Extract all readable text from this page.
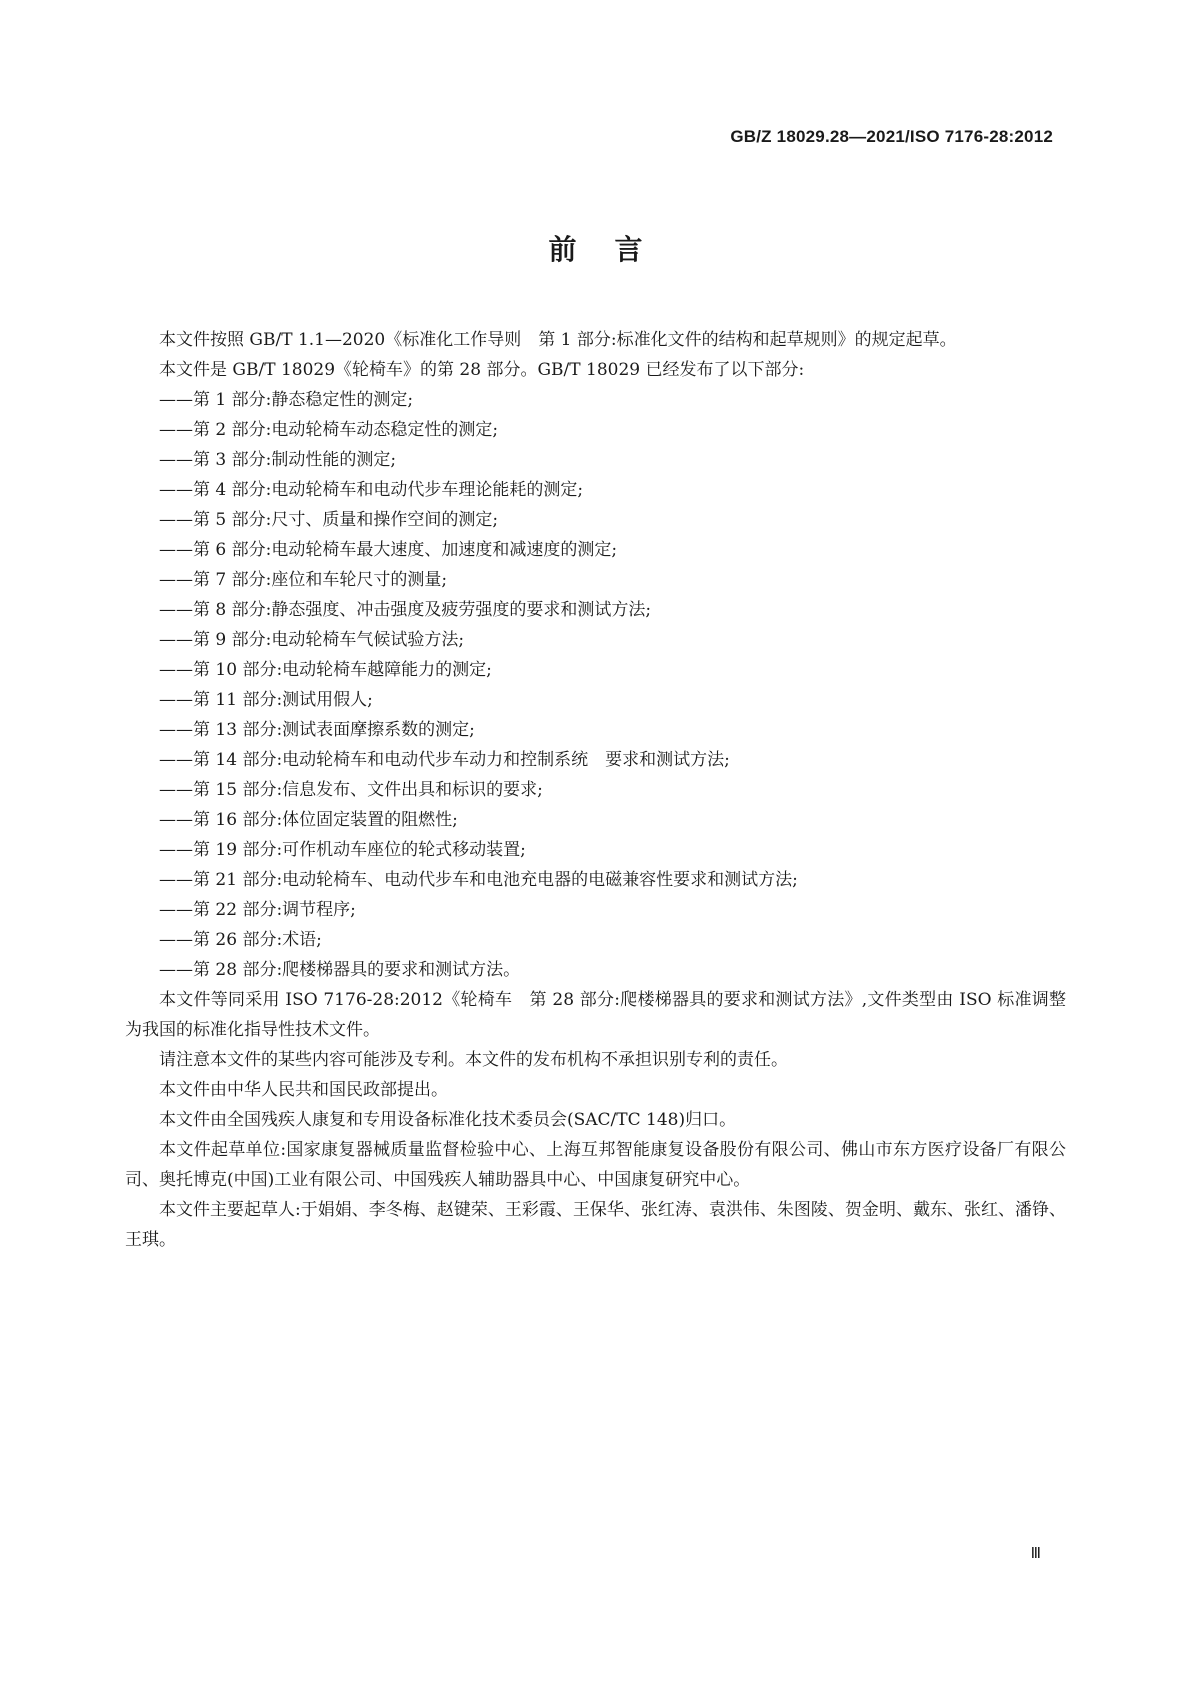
GB/Z 18029.28—2021/ISO 7176-28:2012
前言

本文件按照 GB/T 1.1—2020《标准化工作导则　第 1 部分:标准化文件的结构和起草规则》的规定起草。

本文件是 GB/T 18029《轮椅车》的第 28 部分。GB/T 18029 已经发布了以下部分:

——第 1 部分:静态稳定性的测定;

——第 2 部分:电动轮椅车动态稳定性的测定;

——第 3 部分:制动性能的测定;

——第 4 部分:电动轮椅车和电动代步车理论能耗的测定;

——第 5 部分:尺寸、质量和操作空间的测定;

——第 6 部分:电动轮椅车最大速度、加速度和减速度的测定;

——第 7 部分:座位和车轮尺寸的测量;

——第 8 部分:静态强度、冲击强度及疲劳强度的要求和测试方法;

——第 9 部分:电动轮椅车气候试验方法;

——第 10 部分:电动轮椅车越障能力的测定;

——第 11 部分:测试用假人;

——第 13 部分:测试表面摩擦系数的测定;

——第 14 部分:电动轮椅车和电动代步车动力和控制系统　要求和测试方法;

——第 15 部分:信息发布、文件出具和标识的要求;

——第 16 部分:体位固定装置的阻燃性;

——第 19 部分:可作机动车座位的轮式移动装置;

——第 21 部分:电动轮椅车、电动代步车和电池充电器的电磁兼容性要求和测试方法;

——第 22 部分:调节程序;

——第 26 部分:术语;

——第 28 部分:爬楼梯器具的要求和测试方法。

本文件等同采用 ISO 7176-28:2012《轮椅车　第 28 部分:爬楼梯器具的要求和测试方法》,文件类型由 ISO 标准调整为我国的标准化指导性技术文件。

请注意本文件的某些内容可能涉及专利。本文件的发布机构不承担识别专利的责任。

本文件由中华人民共和国民政部提出。

本文件由全国残疾人康复和专用设备标准化技术委员会(SAC/TC 148)归口。

本文件起草单位:国家康复器械质量监督检验中心、上海互邦智能康复设备股份有限公司、佛山市东方医疗设备厂有限公司、奥托博克(中国)工业有限公司、中国残疾人辅助器具中心、中国康复研究中心。

本文件主要起草人:于娟娟、李冬梅、赵键荣、王彩霞、王保华、张红涛、袁洪伟、朱图陵、贺金明、戴东、张红、潘铮、王琪。

Ⅲ
